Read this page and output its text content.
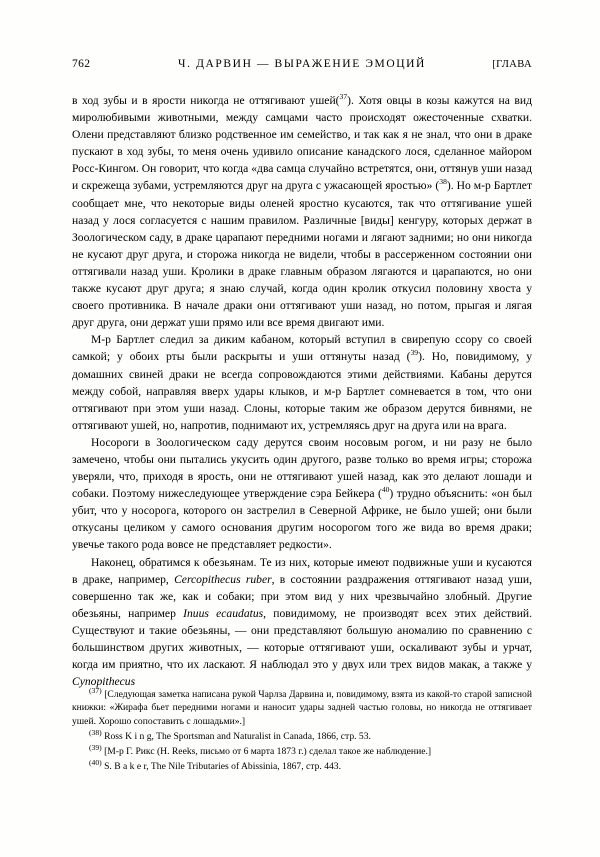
762	Ч. ДАРВИН — ВЫРАЖЕНИЕ ЭМОЦИЙ	[ГЛАВА

в ход зубы и в ярости никогда не оттягивают ушей($^{37}$). Хотя овцы в козы кажутся на вид миролюбивыми животными, между самцами часто происходят ожесточенные схватки. Олени представляют близко родственное им семейство, и так как я не знал, что они в драке пускают в ход зубы, то меня очень удивило описание канадского лося, сделанное майором Росс-Кингом. Он говорит, что когда «два самца случайно встретятся, они, оттянув уши назад и скрежеща зубами, устремляются друг на друга с ужасающей яростью» ($^{38}$). Но м-р Бартлет сообщает мне, что некоторые виды оленей яростно кусаются, так что оттягивание ушей назад у лося согласуется с нашим правилом. Различные [виды] кенгуру, которых держат в Зоологическом саду, в драке царапают передними ногами и лягают задними; но они никогда не кусают друг друга, и сторожа никогда не видели, чтобы в рассерженном состоянии они оттягивали назад уши. Кролики в драке главным образом лягаются и царапаются, но они также кусают друг друга; я знаю случай, когда один кролик откусил половину хвоста у своего противника. В начале драки они оттягивают уши назад, но потом, прыгая и лягая друг друга, они держат уши прямо или все время двигают ими.

М-р Бартлет следил за диким кабаном, который вступил в свирепую ссору со своей самкой; у обоих рты были раскрыты и уши оттянуты назад ($^{39}$). Но, повидимому, у домашних свиней драки не всегда сопровождаются этими действиями. Кабаны дерутся между собой, направляя вверх удары клыков, и м-р Бартлет сомневается в том, что они оттягивают при этом уши назад. Слоны, которые таким же образом дерутся бивнями, не оттягивают ушей, но, напротив, поднимают их, устремляясь друг на друга или на врага.

Носороги в Зоологическом саду дерутся своим носовым рогом, и ни разу не было замечено, чтобы они пытались укусить один другого, разве только во время игры; сторожа уверяли, что, приходя в ярость, они не оттягивают ушей назад, как это делают лошади и собаки. Поэтому нижеследующее утверждение сэра Бейкера ($^{40}$) трудно объяснить: «он был убит, что у носорога, которого он застрелил в Северной Африке, не было ушей; они были откусаны целиком у самого основания другим носорогом того же вида во время драки; увечье такого рода вовсе не представляет редкости».

Наконец, обратимся к обезьянам. Те из них, которые имеют подвижные уши и кусаются в драке, например, Cercopithecus ruber, в состоянии раздражения оттягивают назад уши, совершенно так же, как и собаки; при этом вид у них чрезвычайно злобный. Другие обезьяны, например Inuus ecaudatus, повидимому, не производят всех этих действий. Существуют и такие обезьяны, — они представляют большую аномалию по сравнению с большинством других животных, — которые оттягивают уши, оскаливают зубы и урчат, когда им приятно, что их ласкают. Я наблюдал это у двух или трех видов макак, а также у Cynopithecus

$^{(37)}$ [Следующая заметка написана рукой Чарлза Дарвина и, повидимому, взята из какой-то старой записной книжки: «Жирафа бьет передними ногами и наносит удары задней частью головы, но никогда не оттягивает ушей. Хорошо сопоставить с лошадьми».]

$^{(38)}$ Ross K i n g, The Sportsman and Naturalist in Canada, 1866, стр. 53.

$^{(39)}$ [М-р Г. Рикс (H. Reeks, письмо от 6 марта 1873 г.) сделал такое же наблюдение.]

$^{(40)}$ S. B a k e r, The Nile Tributaries of Abissinia, 1867, стр. 443.
